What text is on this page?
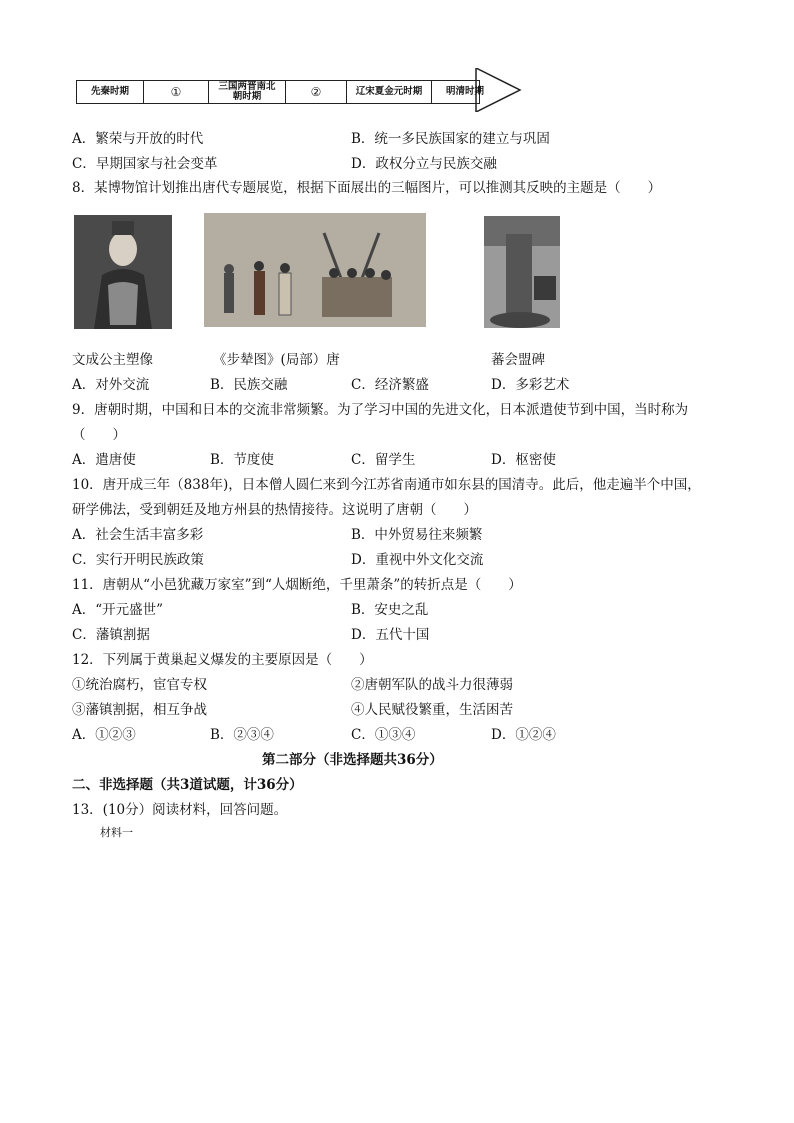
先秦时期	①	三国两晋南北朝时期	②	辽宋夏金元时期	明清时期
A．繁荣与开放的时代	B．统一多民族国家的建立与巩固
C．早期国家与社会变革	D．政权分立与民族交融
8．某博物馆计划推出唐代专题展览，根据下面展出的三幅图片，可以推测其反映的主题是（　　）
文成公主塑像	《步辇图》(局部）唐	蕃会盟碑
A．对外交流	B．民族交融	C．经济繁盛	D．多彩艺术
9．唐朝时期，中国和日本的交流非常频繁。为了学习中国的先进文化，日本派遣使节到中国，当时称为
（　　）
A．遣唐使	B．节度使	C．留学生	D．枢密使
10．唐开成三年（838年)，日本僧人圆仁来到今江苏省南通市如东县的国清寺。此后，他走遍半个中国，
研学佛法，受到朝廷及地方州县的热情接待。这说明了唐朝（　　）
A．社会生活丰富多彩	B．中外贸易往来频繁
C．实行开明民族政策	D．重视中外文化交流
11．唐朝从“小邑犹藏万家室”到“人烟断绝，千里萧条”的转折点是（　　）
A．“开元盛世”	B．安史之乱
C．藩镇割据	D．五代十国
12．下列属于黄巢起义爆发的主要原因是（　　）
①统治腐朽，宦官专权	②唐朝军队的战斗力很薄弱
③藩镇割据，相互争战	④人民赋役繁重，生活困苦
A．①②③	B．②③④	C．①③④	D．①②④
第二部分（非选择题共36分）
二、非选择题（共3道试题，计36分）
13．(10分）阅读材料，回答问题。
材料一
